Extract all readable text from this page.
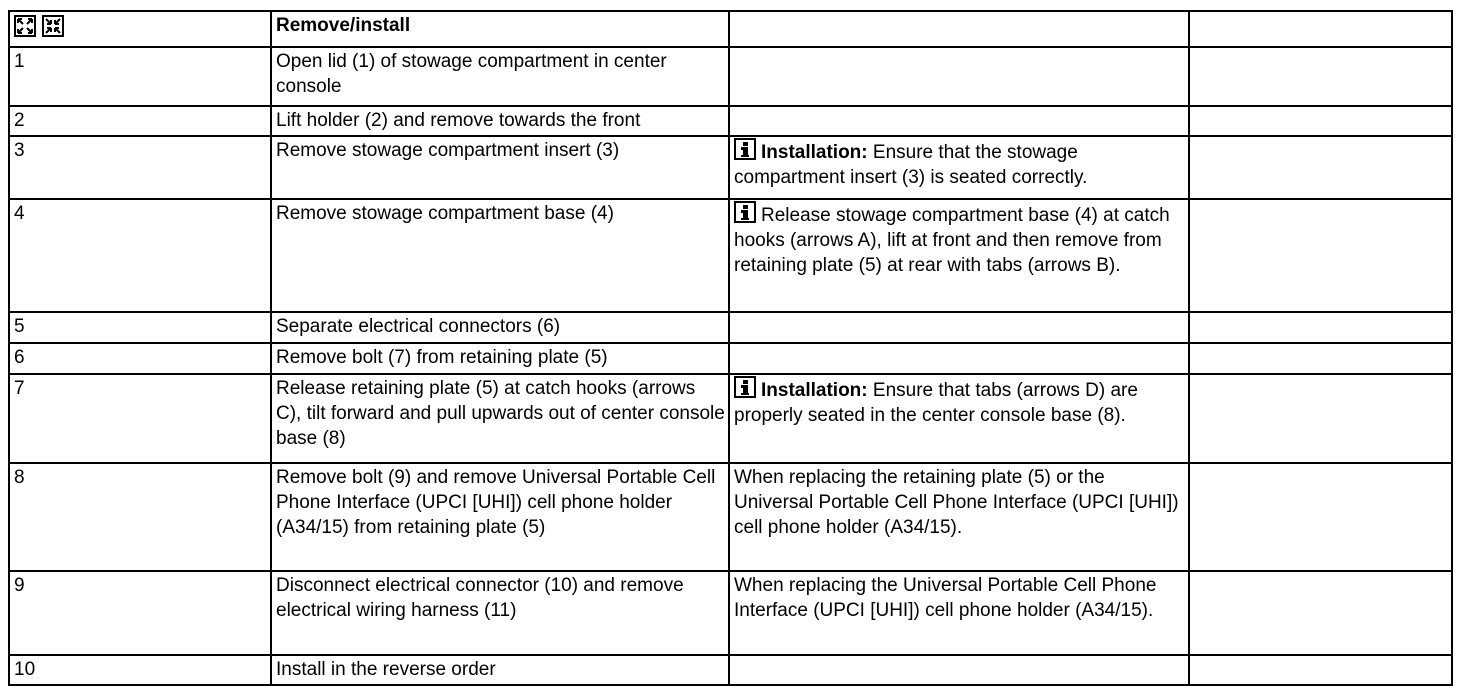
	Remove/install		
1	Open lid (1) of stowage compartment in center console		
2	Lift holder (2) and remove towards the front		
3	Remove stowage compartment insert (3)	Installation: Ensure that the stowage compartment insert (3) is seated correctly.	
4	Remove stowage compartment base (4)	Release stowage compartment base (4) at catch hooks (arrows A), lift at front and then remove from retaining plate (5) at rear with tabs (arrows B).	
5	Separate electrical connectors (6)		
6	Remove bolt (7) from retaining plate (5)		
7	Release retaining plate (5) at catch hooks (arrows C), tilt forward and pull upwards out of center console base (8)	Installation: Ensure that tabs (arrows D) are properly seated in the center console base (8).	
8	Remove bolt (9) and remove Universal Portable Cell Phone Interface (UPCI [UHI]) cell phone holder (A34/15) from retaining plate (5)	When replacing the retaining plate (5) or the Universal Portable Cell Phone Interface (UPCI [UHI]) cell phone holder (A34/15).	
9	Disconnect electrical connector (10) and remove electrical wiring harness (11)	When replacing the Universal Portable Cell Phone Interface (UPCI [UHI]) cell phone holder (A34/15).	
10	Install in the reverse order		
